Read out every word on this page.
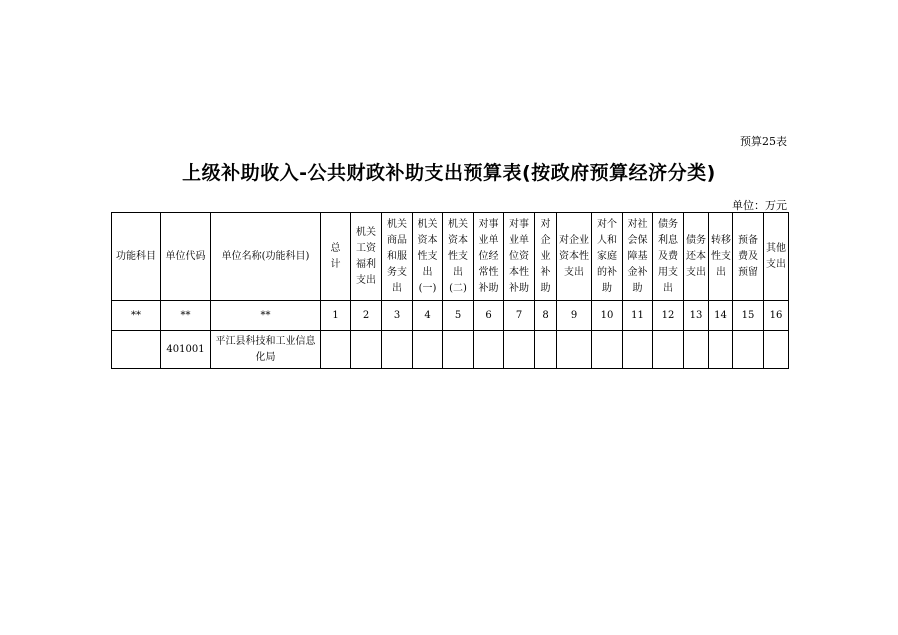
预算25表
上级补助收入-公共财政补助支出预算表(按政府预算经济分类)
单位：万元
功能科目	单位代码	单位名称(功能科目)	总计	机关工资福利支出	机关商品和服务支出	机关资本性支出(一)	机关资本性支出(二)	对事业单位经常性补助	对事业单位资本性补助	对企业补助	对企业资本性支出	对个人和家庭的补助	对社会保障基金补助	债务利息及费用支出	债务还本支出	转移性支出	预备费及预留	其他支出

**	**	**	1	2	3	4	5	6	7	8	9	10	11	12	13	14	15	16
	401001	平江县科技和工业信息化局																
